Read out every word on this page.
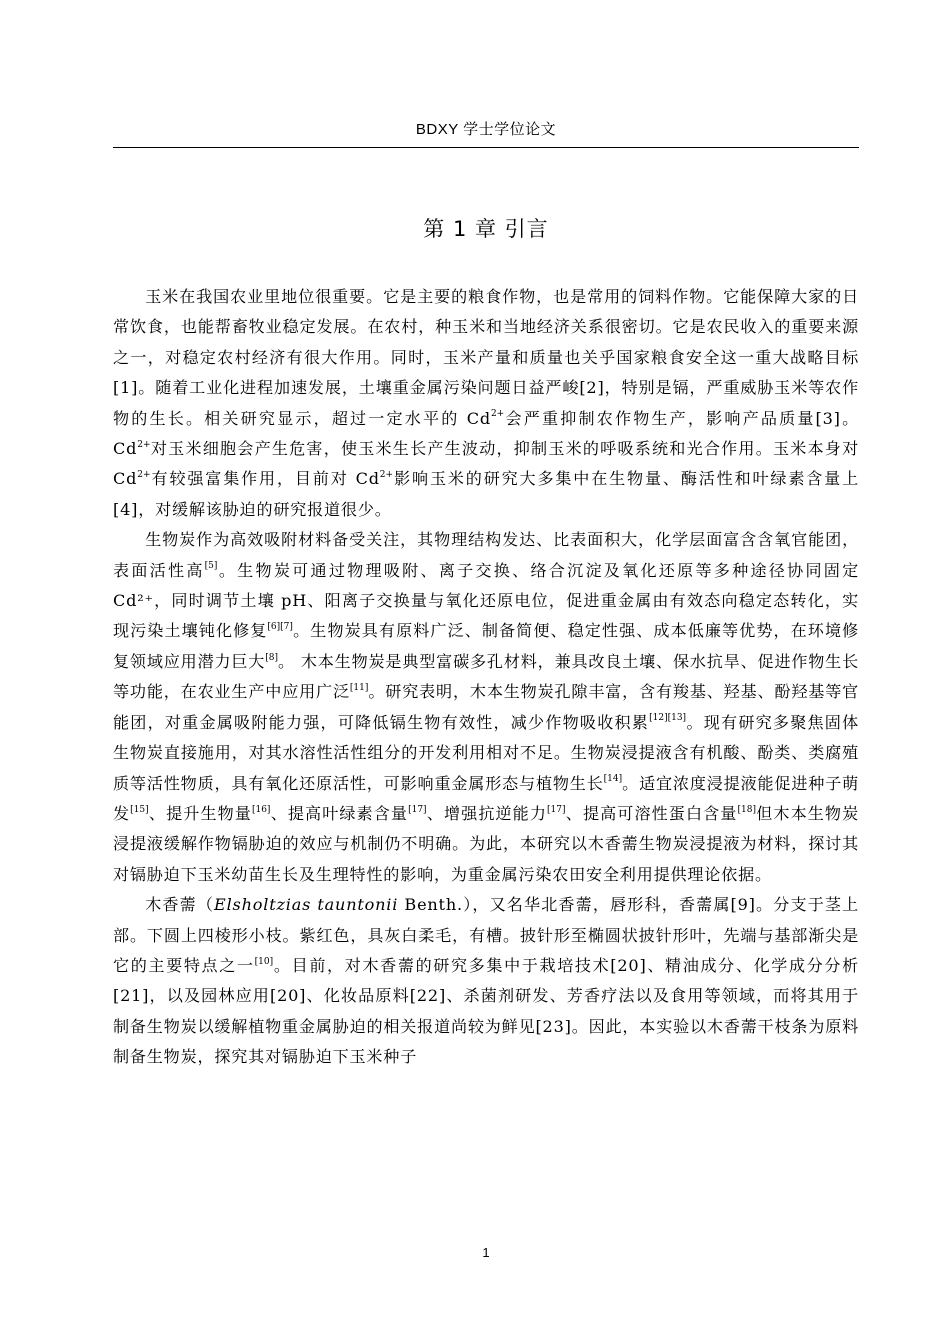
BDXY 学士学位论文
第 1 章 引言

玉米在我国农业里地位很重要。它是主要的粮食作物，也是常用的饲料作物。它能保障大家的日常饮食，也能帮畜牧业稳定发展。在农村，种玉米和当地经济关系很密切。它是农民收入的重要来源之一，对稳定农村经济有很大作用。同时，玉米产量和质量也关乎国家粮食安全这一重大战略目标[1]。随着工业化进程加速发展，土壤重金属污染问题日益严峻[2]，特别是镉，严重威胁玉米等农作物的生长。相关研究显示，超过一定水平的 Cd$^{2+}$会严重抑制农作物生产，影响产品质量[3]。Cd$^{2+}$对玉米细胞会产生危害，使玉米生长产生波动，抑制玉米的呼吸系统和光合作用。玉米本身对 Cd$^{2+}$有较强富集作用，目前对 Cd$^{2+}$影响玉米的研究大多集中在生物量、酶活性和叶绿素含量上[4]，对缓解该胁迫的研究报道很少。

生物炭作为高效吸附材料备受关注，其物理结构发达、比表面积大，化学层面富含含氧官能团，表面活性高[5]。生物炭可通过物理吸附、离子交换、络合沉淀及氧化还原等多种途径协同固定 Cd²⁺，同时调节土壤 pH、阳离子交换量与氧化还原电位，促进重金属由有效态向稳定态转化，实现污染土壤钝化修复[6][7]。生物炭具有原料广泛、制备简便、稳定性强、成本低廉等优势，在环境修复领域应用潜力巨大[8]。 木本生物炭是典型富碳多孔材料，兼具改良土壤、保水抗旱、促进作物生长等功能，在农业生产中应用广泛[11]。研究表明，木本生物炭孔隙丰富，含有羧基、羟基、酚羟基等官能团，对重金属吸附能力强，可降低镉生物有效性，减少作物吸收积累[12][13]。现有研究多聚焦固体生物炭直接施用，对其水溶性活性组分的开发利用相对不足。生物炭浸提液含有机酸、酚类、类腐殖质等活性物质，具有氧化还原活性，可影响重金属形态与植物生长[14]。适宜浓度浸提液能促进种子萌发[15]、提升生物量[16]、提高叶绿素含量[17]、增强抗逆能力[17]、提高可溶性蛋白含量[18]但木本生物炭浸提液缓解作物镉胁迫的效应与机制仍不明确。为此，本研究以木香薷生物炭浸提液为材料，探讨其对镉胁迫下玉米幼苗生长及生理特性的影响，为重金属污染农田安全利用提供理论依据。

木香薷（Elsholtzias tauntonii Benth.），又名华北香薷，唇形科，香薷属[9]。分支于茎上部。下圆上四棱形小枝。紫红色，具灰白柔毛，有槽。披针形至椭圆状披针形叶，先端与基部渐尖是它的主要特点之一[10]。目前，对木香薷的研究多集中于栽培技术[20]、精油成分、化学成分分析[21]，以及园林应用[20]、化妆品原料[22]、杀菌剂研发、芳香疗法以及食用等领域，而将其用于制备生物炭以缓解植物重金属胁迫的相关报道尚较为鲜见[23]。因此，本实验以木香薷干枝条为原料制备生物炭，探究其对镉胁迫下玉米种子

1
